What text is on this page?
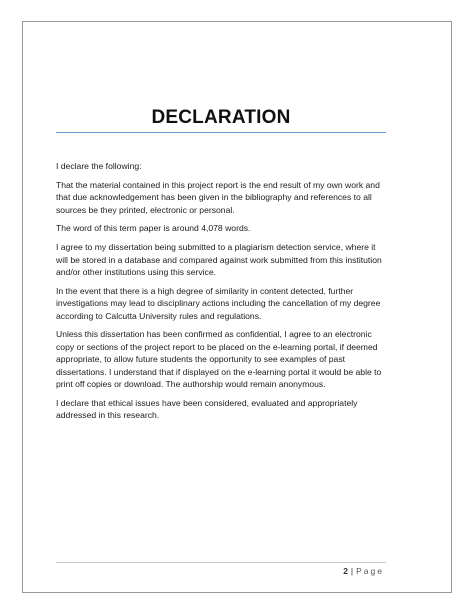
DECLARATION

I declare the following:

That the material contained in this project report is the end result of my own work and that due acknowledgement has been given in the bibliography and references to all sources be they printed, electronic or personal.

The word of this term paper is around 4,078 words.

I agree to my dissertation being submitted to a plagiarism detection service, where it will be stored in a database and compared against work submitted from this institution and/or other institutions using this service.

In the event that there is a high degree of similarity in content detected, further investigations may lead to disciplinary actions including the cancellation of my degree according to Calcutta University rules and regulations.

Unless this dissertation has been confirmed as confidential, I agree to an electronic copy or sections of the project report to be placed on the e-learning portal, if deemed appropriate, to allow future students the opportunity to see examples of past dissertations. I understand that if displayed on the e-learning portal it would be able to print off copies or download. The authorship would remain anonymous.

I declare that ethical issues have been considered, evaluated and appropriately addressed in this research.

2 | Page
